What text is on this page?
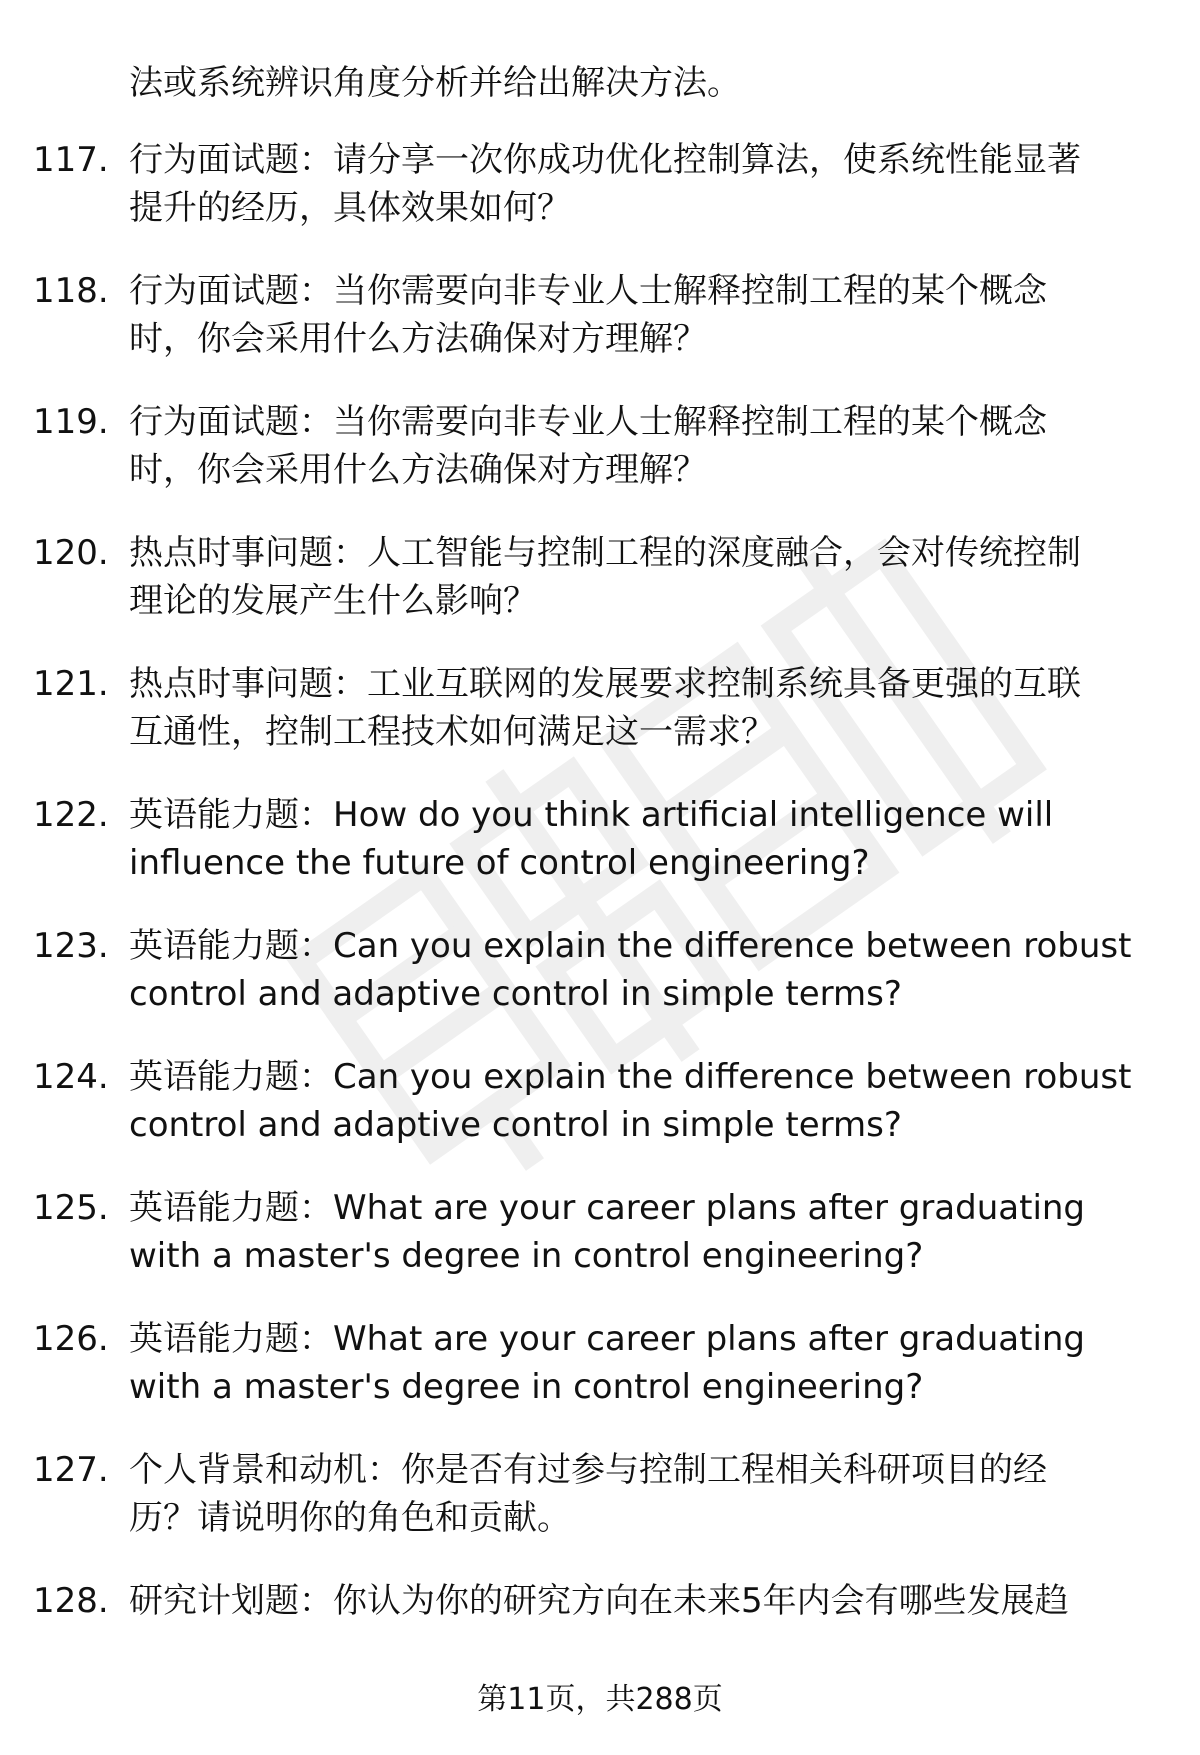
法或系统辨识角度分析并给出解决方法。
117. 行为面试题：请分享一次你成功优化控制算法，使系统性能显著
提升的经历，具体效果如何？
118. 行为面试题：当你需要向非专业人士解释控制工程的某个概念
时，你会采用什么方法确保对方理解？
119. 行为面试题：当你需要向非专业人士解释控制工程的某个概念
时，你会采用什么方法确保对方理解？
120. 热点时事问题：人工智能与控制工程的深度融合，会对传统控制
理论的发展产生什么影响？
121. 热点时事问题：工业互联网的发展要求控制系统具备更强的互联
互通性，控制工程技术如何满足这一需求？
122. 英语能力题：How do you think artificial intelligence will
influence the future of control engineering?
123. 英语能力题：Can you explain the difference between robust
control and adaptive control in simple terms?
124. 英语能力题：Can you explain the difference between robust
control and adaptive control in simple terms?
125. 英语能力题：What are your career plans after graduating
with a master's degree in control engineering?
126. 英语能力题：What are your career plans after graduating
with a master's degree in control engineering?
127. 个人背景和动机：你是否有过参与控制工程相关科研项目的经
历？请说明你的角色和贡献。
128. 研究计划题：你认为你的研究方向在未来5年内会有哪些发展趋
第11页，共288页
